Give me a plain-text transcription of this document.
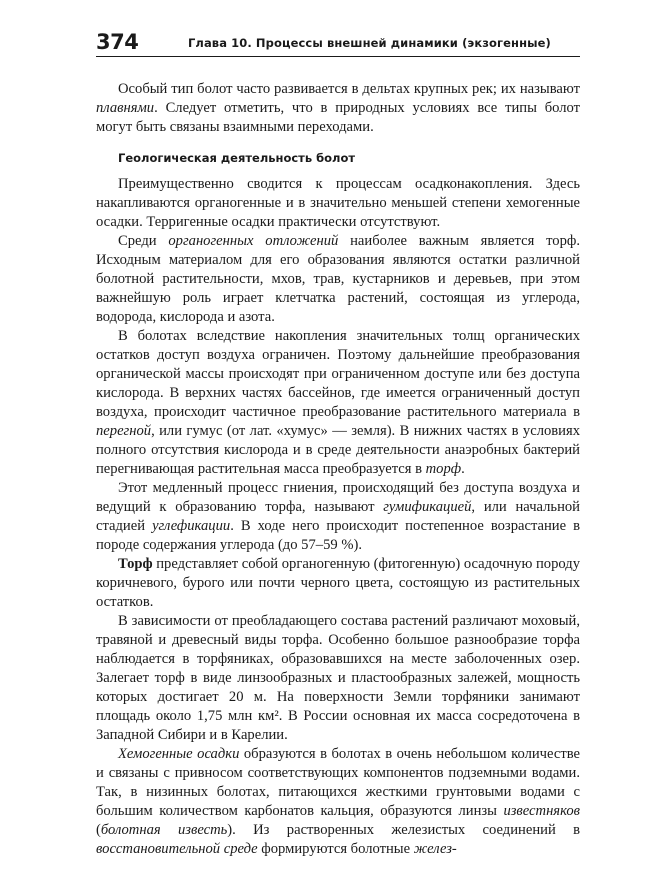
374	Глава 10. Процессы внешней динамики (экзогенные)

Особый тип болот часто развивается в дельтах крупных рек; их называют плавнями. Следует отметить, что в природных условиях все типы болот могут быть связаны взаимными переходами.

Геологическая деятельность болот

Преимущественно сводится к процессам осадконакопления. Здесь накапливаются органогенные и в значительно меньшей степени хемогенные осадки. Терригенные осадки практически отсутствуют.

Среди органогенных отложений наиболее важным является торф. Исходным материалом для его образования являются остатки различной болотной растительности, мхов, трав, кустарников и деревьев, при этом важнейшую роль играет клетчатка растений, состоящая из углерода, водорода, кислорода и азота.

В болотах вследствие накопления значительных толщ органических остатков доступ воздуха ограничен. Поэтому дальнейшие преобразования органической массы происходят при ограниченном доступе или без доступа кислорода. В верхних частях бассейнов, где имеется ограниченный доступ воздуха, происходит частичное преобразование растительного материала в перегной, или гумус (от лат. «хумус» — земля). В нижних частях в условиях полного отсутствия кислорода и в среде деятельности анаэробных бактерий перегнивающая растительная масса преобразуется в торф.

Этот медленный процесс гниения, происходящий без доступа воздуха и ведущий к образованию торфа, называют гумификацией, или начальной стадией углефикации. В ходе него происходит постепенное возрастание в породе содержания углерода (до 57–59 %).

Торф представляет собой органогенную (фитогенную) осадочную породу коричневого, бурого или почти черного цвета, состоящую из растительных остатков.

В зависимости от преобладающего состава растений различают моховый, травяной и древесный виды торфа. Особенно большое разнообразие торфа наблюдается в торфяниках, образовавшихся на месте заболоченных озер. Залегает торф в виде линзообразных и пластообразных залежей, мощность которых достигает 20 м. На поверхности Земли торфяники занимают площадь около 1,75 млн км². В России основная их масса сосредоточена в Западной Сибири и в Карелии.

Хемогенные осадки образуются в болотах в очень небольшом количестве и связаны с привносом соответствующих компонентов подземными водами. Так, в низинных болотах, питающихся жесткими грунтовыми водами с большим количеством карбонатов кальция, образуются линзы известняков (болотная известь). Из растворенных железистых соединений в восстановительной среде формируются болотные желез-
